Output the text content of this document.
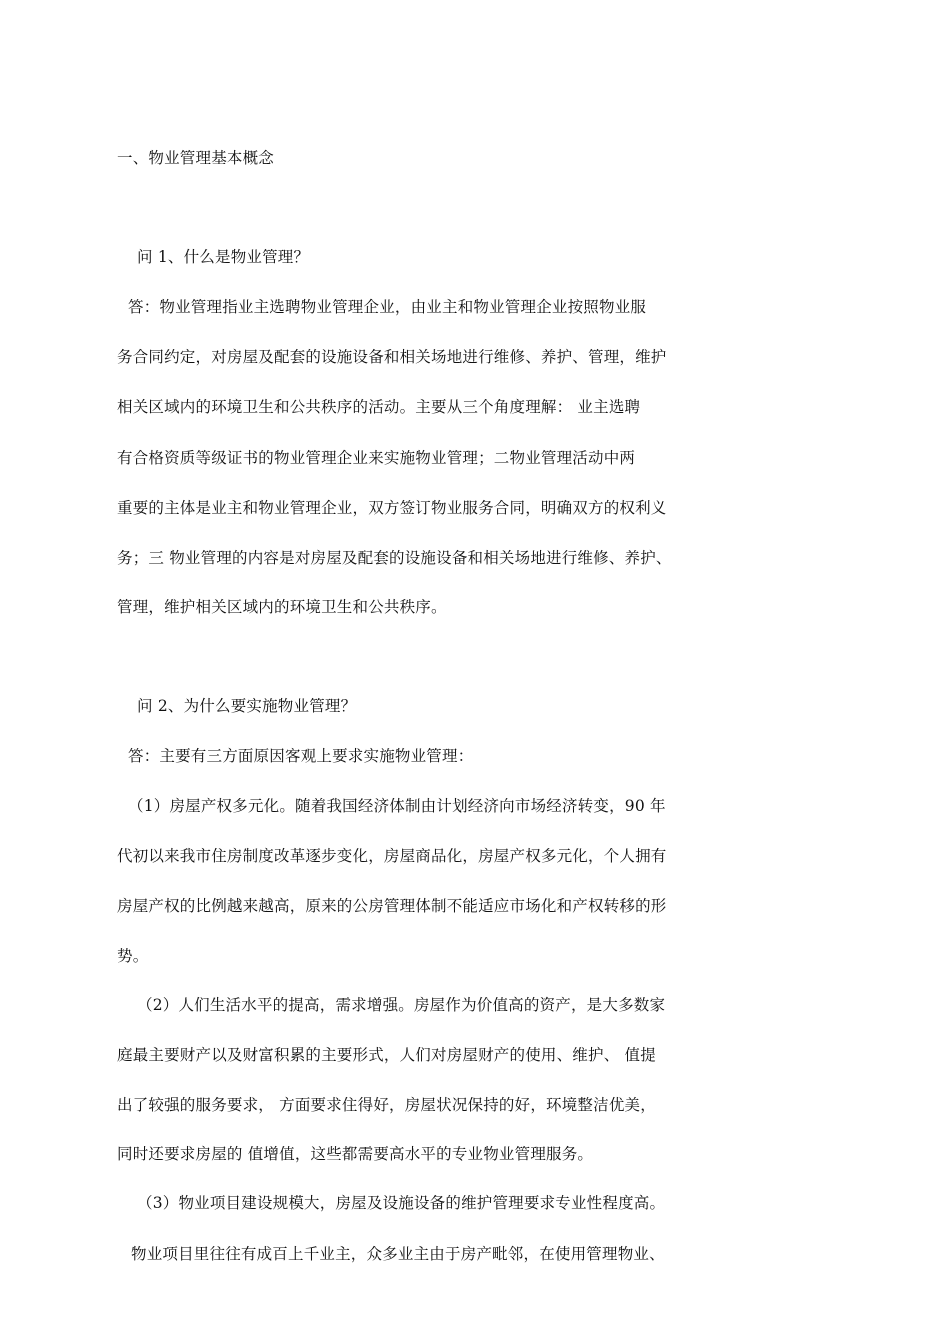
一、物业管理基本概念
问 1、什么是物业管理？
答：物业管理指业主选聘物业管理企业，由业主和物业管理企业按照物业服
务合同约定，对房屋及配套的设施设备和相关场地进行维修、养护、管理，维护
相关区域内的环境卫生和公共秩序的活动。主要从三个角度理解： 业主选聘
有合格资质等级证书的物业管理企业来实施物业管理；二物业管理活动中两
重要的主体是业主和物业管理企业，双方签订物业服务合同，明确双方的权利义
务；三 物业管理的内容是对房屋及配套的设施设备和相关场地进行维修、养护、
管理，维护相关区域内的环境卫生和公共秩序。
问 2、为什么要实施物业管理？
答：主要有三方面原因客观上要求实施物业管理：
（1）房屋产权多元化。随着我国经济体制由计划经济向市场经济转变，90 年
代初以来我市住房制度改革逐步变化，房屋商品化，房屋产权多元化，个人拥有
房屋产权的比例越来越高，原来的公房管理体制不能适应市场化和产权转移的形
势。
（2）人们生活水平的提高，需求增强。房屋作为价值高的资产，是大多数家
庭最主要财产以及财富积累的主要形式，人们对房屋财产的使用、维护、 值提
出了较强的服务要求， 方面要求住得好，房屋状况保持的好，环境整洁优美，
同时还要求房屋的 值增值，这些都需要高水平的专业物业管理服务。
（3）物业项目建设规模大，房屋及设施设备的维护管理要求专业性程度高。
物业项目里往往有成百上千业主，众多业主由于房产毗邻，在使用管理物业、
